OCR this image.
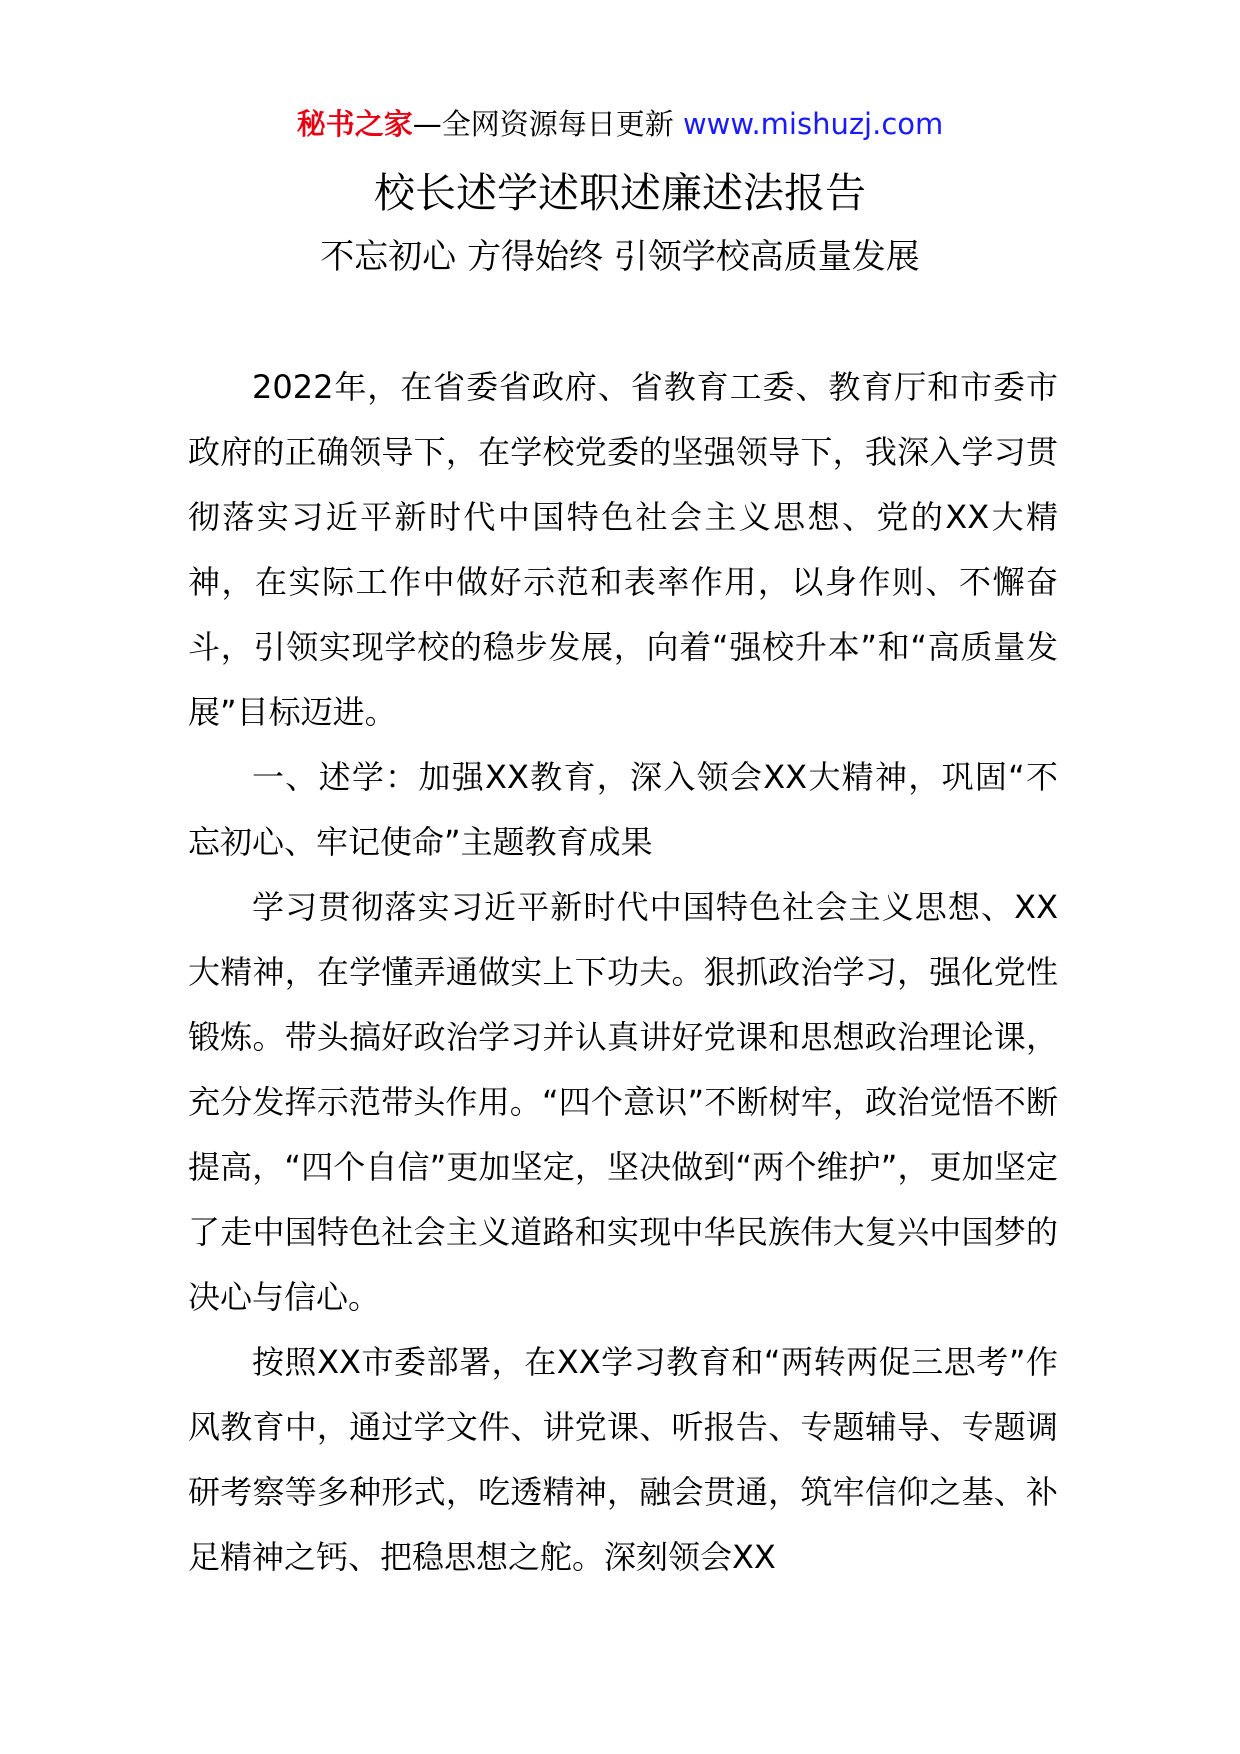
秘书之家—全网资源每日更新 www.mishuzj.com
校长述学述职述廉述法报告
不忘初心 方得始终 引领学校高质量发展

2022年，在省委省政府、省教育工委、教育厅和市委市政府的正确领导下，在学校党委的坚强领导下，我深入学习贯彻落实习近平新时代中国特色社会主义思想、党的XX大精神，在实际工作中做好示范和表率作用，以身作则、不懈奋斗，引领实现学校的稳步发展，向着“强校升本”和“高质量发展”目标迈进。

一、述学：加强XX教育，深入领会XX大精神，巩固“不忘初心、牢记使命”主题教育成果

学习贯彻落实习近平新时代中国特色社会主义思想、XX大精神，在学懂弄通做实上下功夫。狠抓政治学习，强化党性锻炼。带头搞好政治学习并认真讲好党课和思想政治理论课，充分发挥示范带头作用。“四个意识”不断树牢，政治觉悟不断提高，“四个自信”更加坚定，坚决做到“两个维护”，更加坚定了走中国特色社会主义道路和实现中华民族伟大复兴中国梦的决心与信心。

按照XX市委部署，在XX学习教育和“两转两促三思考”作风教育中，通过学文件、讲党课、听报告、专题辅导、专题调研考察等多种形式，吃透精神，融会贯通，筑牢信仰之基、补足精神之钙、把稳思想之舵。深刻领会XX
